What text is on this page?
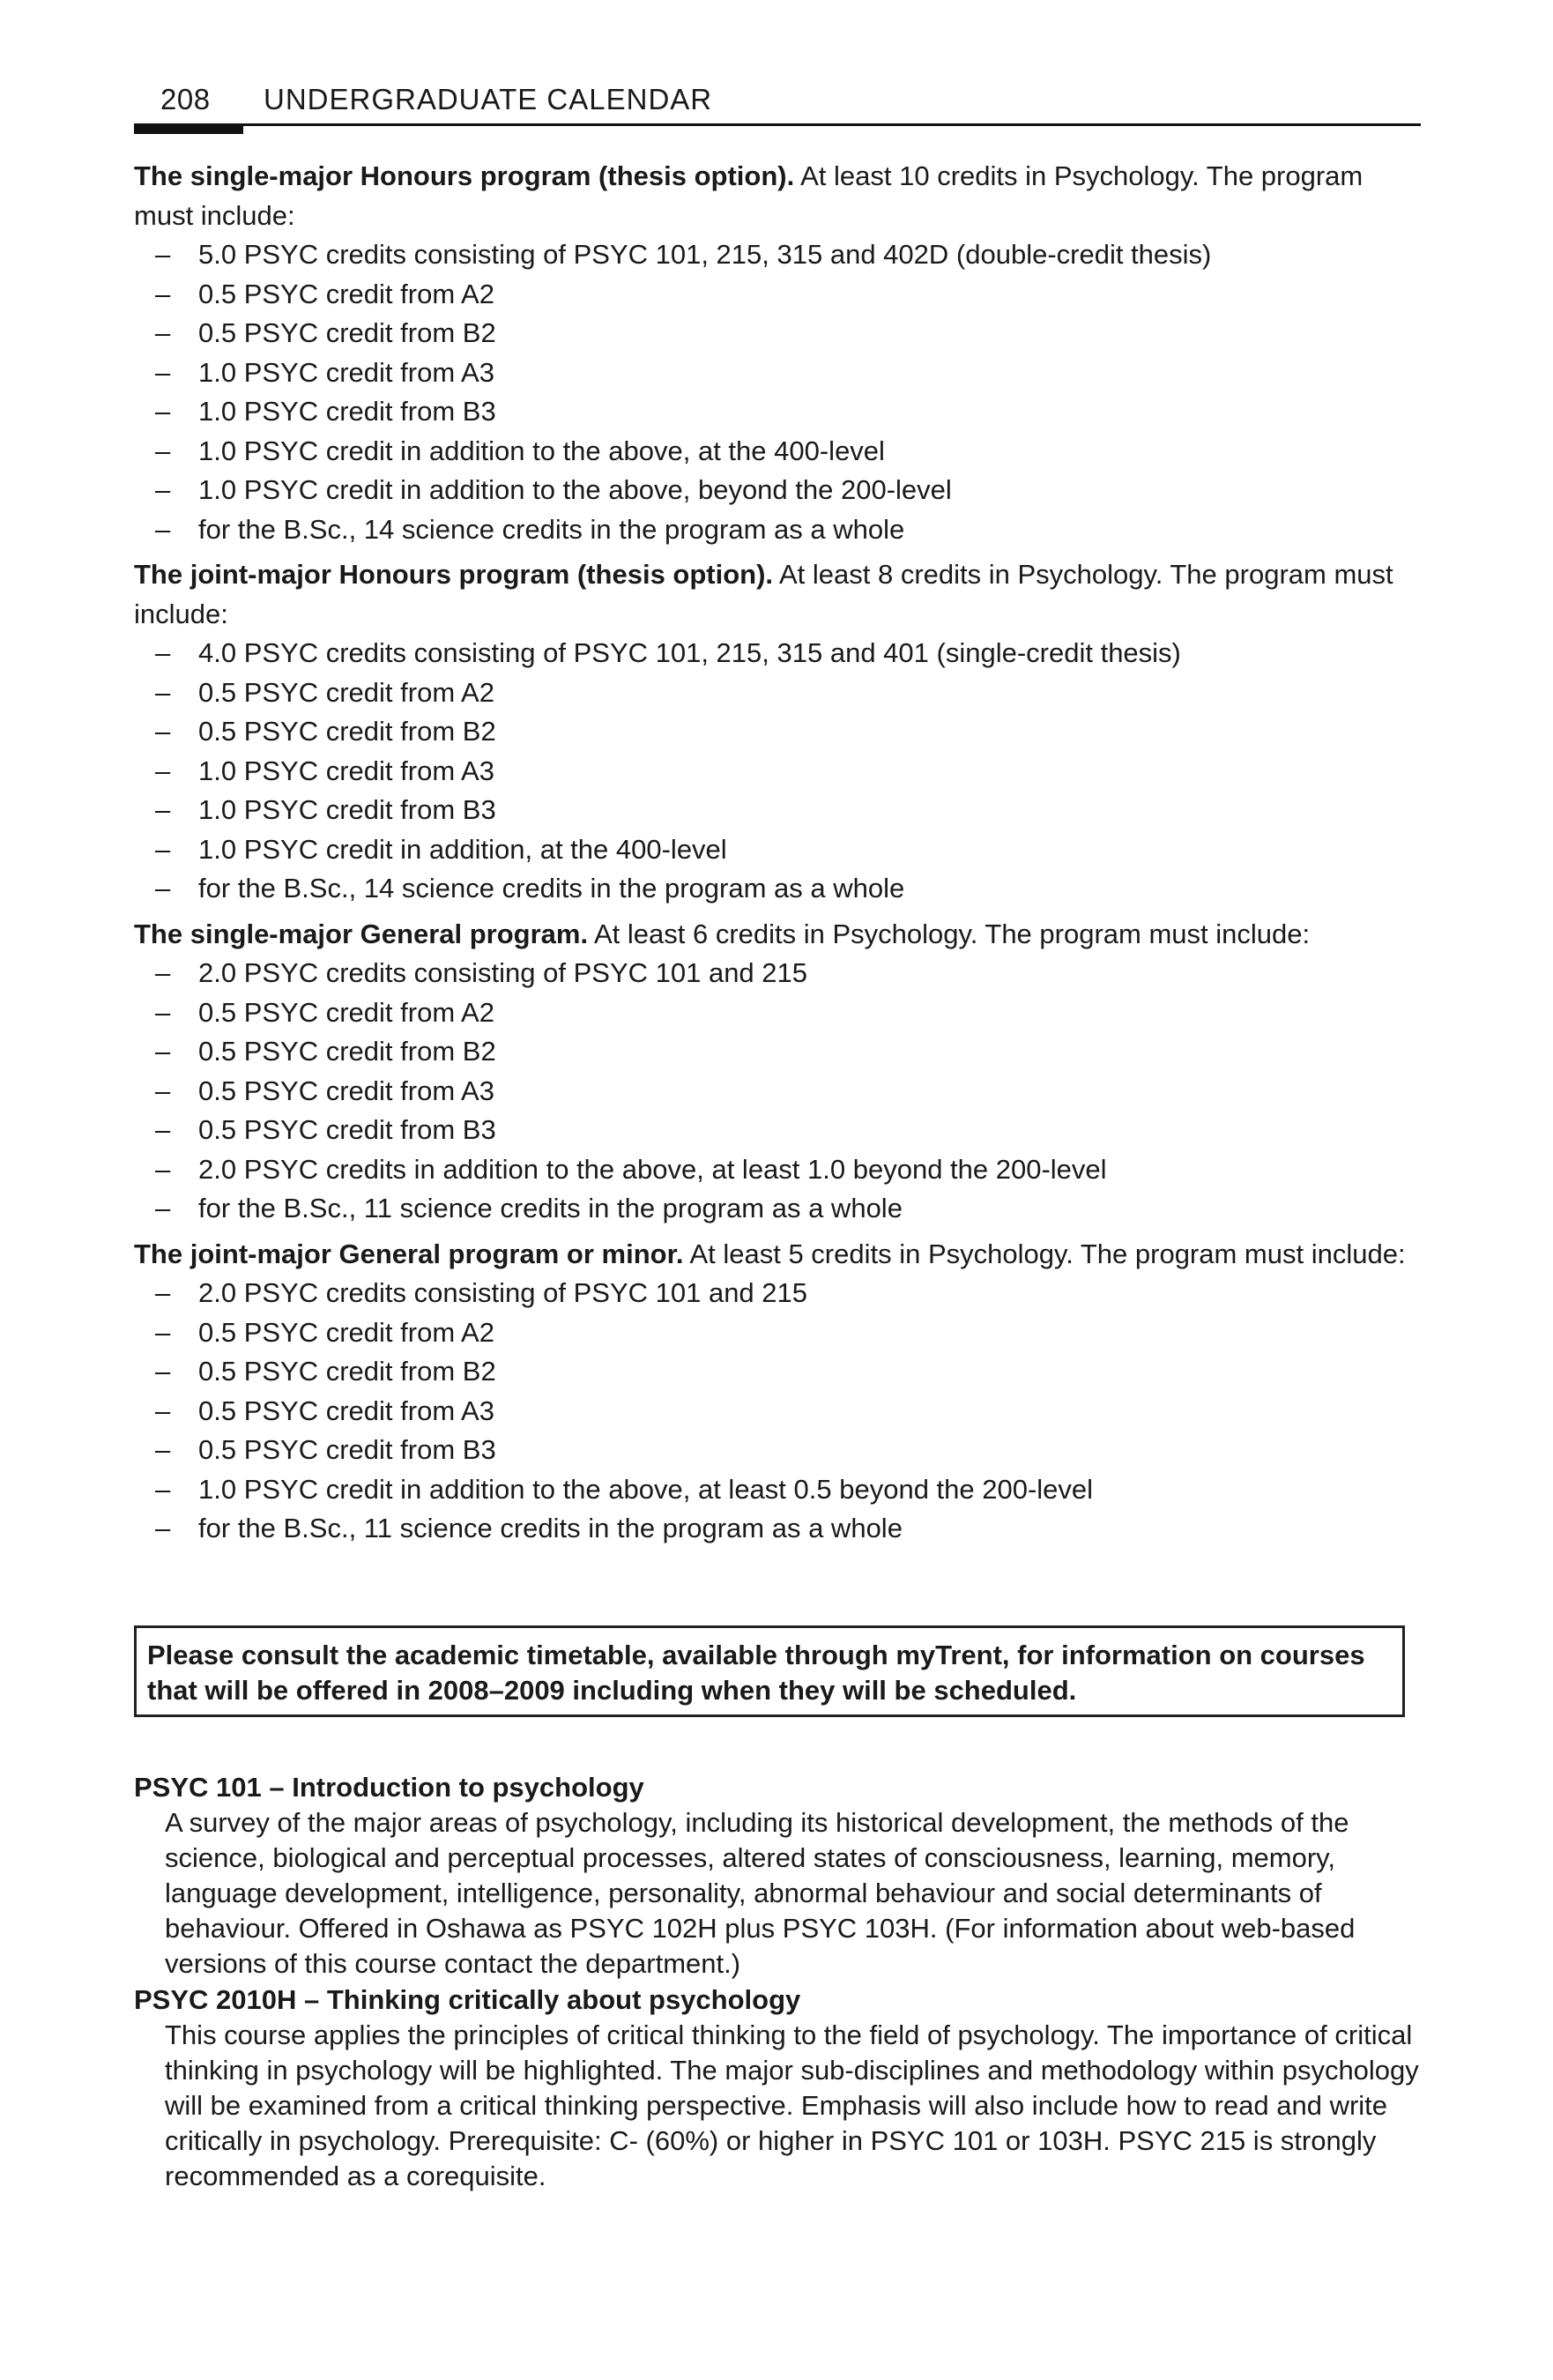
208 UNDERGRADUATE CALENDAR

The single-major Honours program (thesis option). At least 10 credits in Psychology. The program must include:

– 5.0 PSYC credits consisting of PSYC 101, 215, 315 and 402D (double-credit thesis)
– 0.5 PSYC credit from A2
– 0.5 PSYC credit from B2
– 1.0 PSYC credit from A3
– 1.0 PSYC credit from B3
– 1.0 PSYC credit in addition to the above, at the 400-level
– 1.0 PSYC credit in addition to the above, beyond the 200-level
– for the B.Sc., 14 science credits in the program as a whole

The joint-major Honours program (thesis option). At least 8 credits in Psychology. The program must include:

– 4.0 PSYC credits consisting of PSYC 101, 215, 315 and 401 (single-credit thesis)
– 0.5 PSYC credit from A2
– 0.5 PSYC credit from B2
– 1.0 PSYC credit from A3
– 1.0 PSYC credit from B3
– 1.0 PSYC credit in addition, at the 400-level
– for the B.Sc., 14 science credits in the program as a whole

The single-major General program. At least 6 credits in Psychology. The program must include:

– 2.0 PSYC credits consisting of PSYC 101 and 215
– 0.5 PSYC credit from A2
– 0.5 PSYC credit from B2
– 0.5 PSYC credit from A3
– 0.5 PSYC credit from B3
– 2.0 PSYC credits in addition to the above, at least 1.0 beyond the 200-level
– for the B.Sc., 11 science credits in the program as a whole

The joint-major General program or minor. At least 5 credits in Psychology. The program must include:

– 2.0 PSYC credits consisting of PSYC 101 and 215
– 0.5 PSYC credit from A2
– 0.5 PSYC credit from B2
– 0.5 PSYC credit from A3
– 0.5 PSYC credit from B3
– 1.0 PSYC credit in addition to the above, at least 0.5 beyond the 200-level
– for the B.Sc., 11 science credits in the program as a whole
Please consult the academic timetable, available through myTrent, for information on courses that will be offered in 2008–2009 including when they will be scheduled.
PSYC 101 – Introduction to psychology
A survey of the major areas of psychology, including its historical development, the methods of the science, biological and perceptual processes, altered states of consciousness, learning, memory, language development, intelligence, personality, abnormal behaviour and social determinants of behaviour. Offered in Oshawa as PSYC 102H plus PSYC 103H. (For information about web-based versions of this course contact the department.)
PSYC 2010H – Thinking critically about psychology
This course applies the principles of critical thinking to the field of psychology. The importance of critical thinking in psychology will be highlighted. The major sub-disciplines and methodology within psychology will be examined from a critical thinking perspective. Emphasis will also include how to read and write critically in psychology. Prerequisite: C- (60%) or higher in PSYC 101 or 103H. PSYC 215 is strongly recommended as a corequisite.
